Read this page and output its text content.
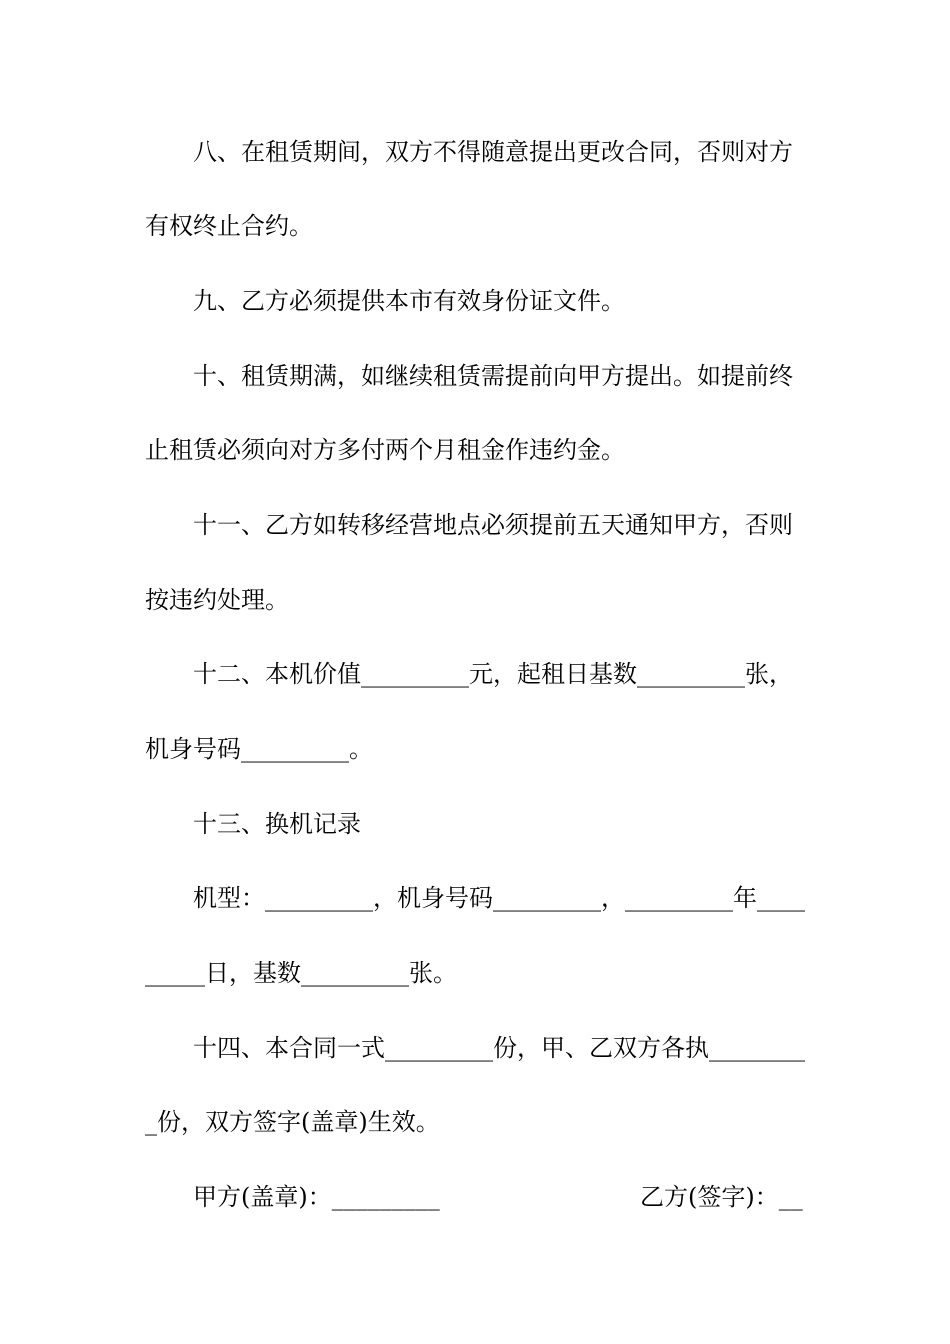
八、在租赁期间，双方不得随意提出更改合同，否则对方
有权终止合约。
九、乙方必须提供本市有效身份证文件。
十、租赁期满，如继续租赁需提前向甲方提出。如提前终
止租赁必须向对方多付两个月租金作违约金。
十一、乙方如转移经营地点必须提前五天通知甲方，否则
按违约处理。
十二、本机价值_________元，起租日基数_________张，
机身号码_________。
十三、换机记录
机型：_________，机身号码_________，_________年____
_____日，基数_________张。
十四、本合同一式_________份，甲、乙双方各执________
_份，双方签字(盖章)生效。
甲方(盖章)：_________	乙方(签字)：__
